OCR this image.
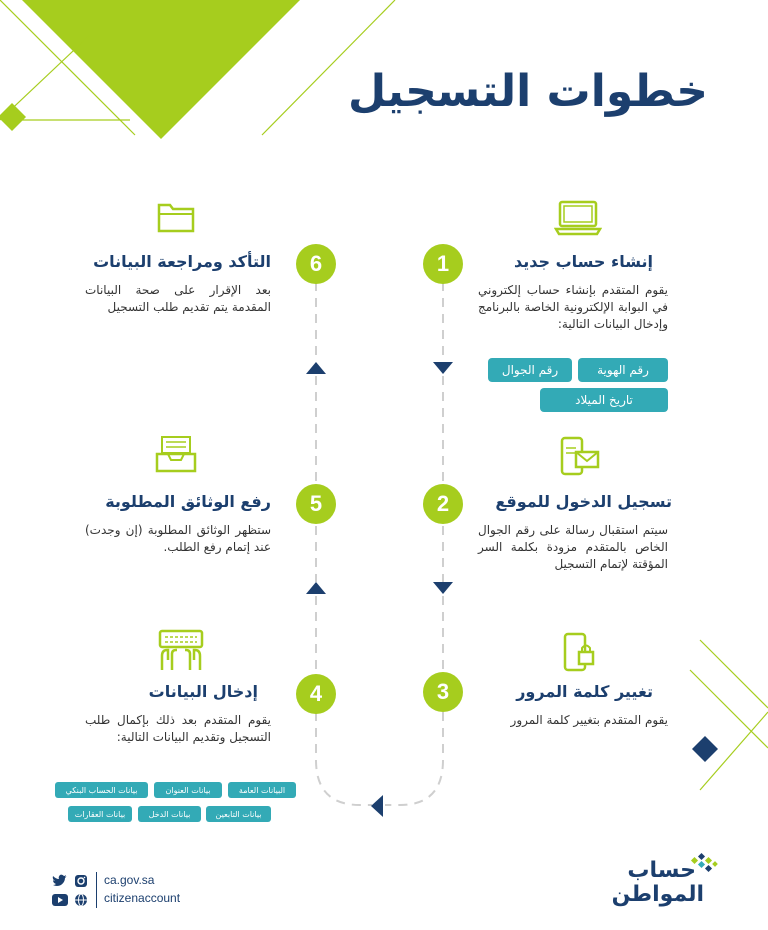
خطوات التسجيل
1	إنشاء حساب جديد
يقوم المتقدم بإنشاء حساب إلكتروني في البوابة الإلكترونية الخاصة بالبرنامج وإدخال البيانات التالية:
رقم الهوية
رقم الجوال
تاريخ الميلاد
2	تسجيل الدخول للموقع
سيتم استقبال رسالة على رقم الجوال الخاص بالمتقدم مزودة بكلمة السر المؤقتة لإتمام التسجيل
3	تغيير كلمة المرور
يقوم المتقدم بتغيير كلمة المرور
6
التأكد ومراجعة البيانات
بعد الإقرار على صحة البيانات المقدمة يتم تقديم طلب التسجيل
5
رفع الوثائق المطلوبة
ستظهر الوثائق المطلوبة (إن وجدت) عند إتمام رفع الطلب.
4
إدخال البيانات
يقوم المتقدم بعد ذلك بإكمال طلب التسجيل وتقديم البيانات التالية:
البيانات العامة
بيانات العنوان
بيانات الحساب البنكي
بيانات التابعين
بيانات الدخل
بيانات العقارات
ca.gov.sa
citizenaccount
حساب
المواطن
